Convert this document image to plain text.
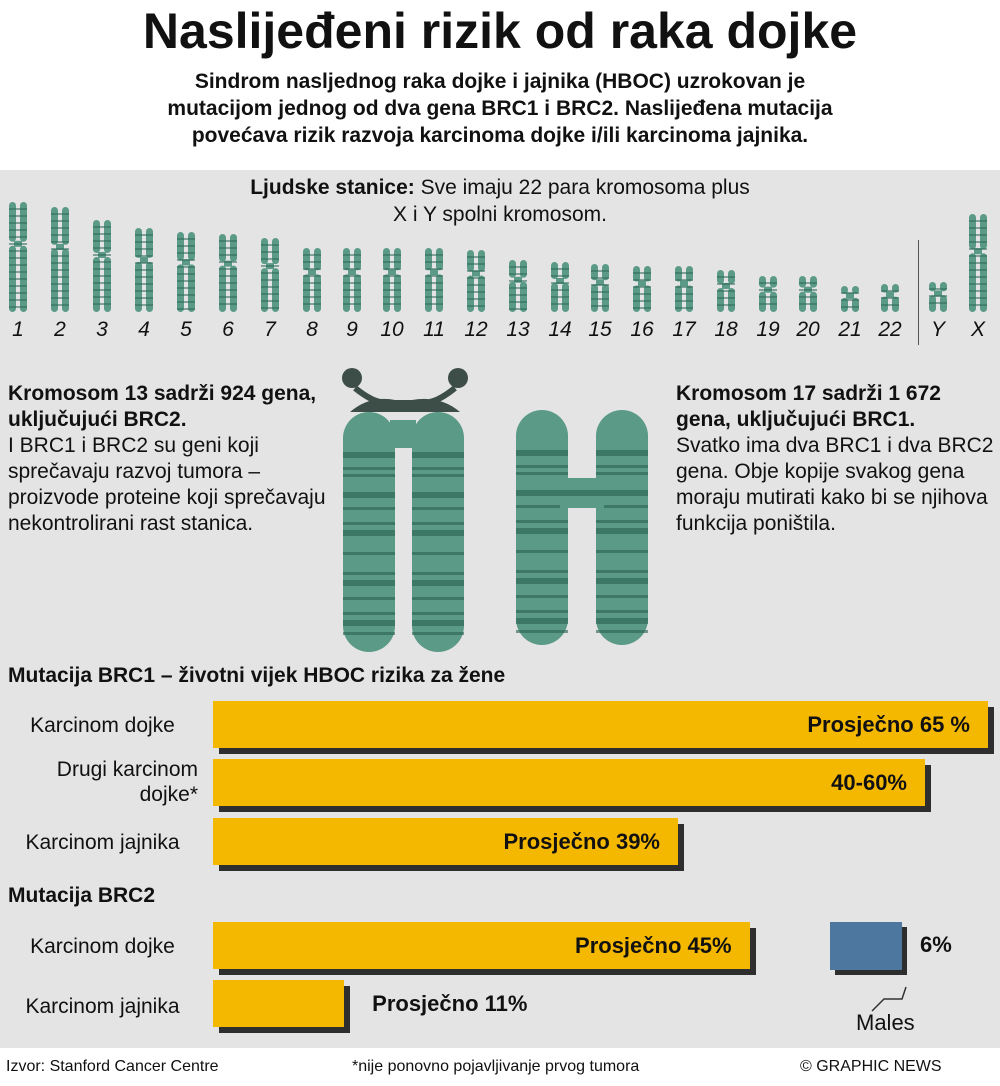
Naslijeđeni rizik od raka dojke
Sindrom naslјednog raka dojke i jajnika (HBOC) uzrokovan je
mutacijom jednog od dva gena BRC1 i BRC2. Naslijeđena mutacija
povećava rizik razvoja karcinoma dojke i/ili karcinoma jajnika.
Ljudske stanice: Sve imaju 22 para kromosoma plus
X i Y spolni kromosom.
1	2	3	4	5	6	7	8	9	10 11 12 13 14 15 16 17 18 19 20 21 22	Y	X
Kromosom 13 sadrži 924 gena, uključujući BRC2.
I BRC1 i BRC2 su geni koji sprečavaju razvoj tumora – proizvode proteine koji sprečavaju nekontrolirani rast stanica.
Kromosom 17 sadrži 1 672 gena, uključujući BRC1.
Svatko ima dva BRC1 i dva BRC2 gena. Obje kopije svakog gena moraju mutirati kako bi se njihova funkcija poništila.
Mutacija BRC1 – životni vijek HBOC rizika za žene
Mutacija BRC2
Karcinom dojke	Prosječno 65 %
Drugi karcinom
dojke*	40-60%
Karcinom jajnika	Prosječno 39%
Karcinom dojke	Prosječno 45%
Karcinom jajnika	Prosječno 11%
6%
Males
Izvor: Stanford Cancer Centre	*nije ponovno pojavljivanje prvog tumora	© GRAPHIC NEWS
